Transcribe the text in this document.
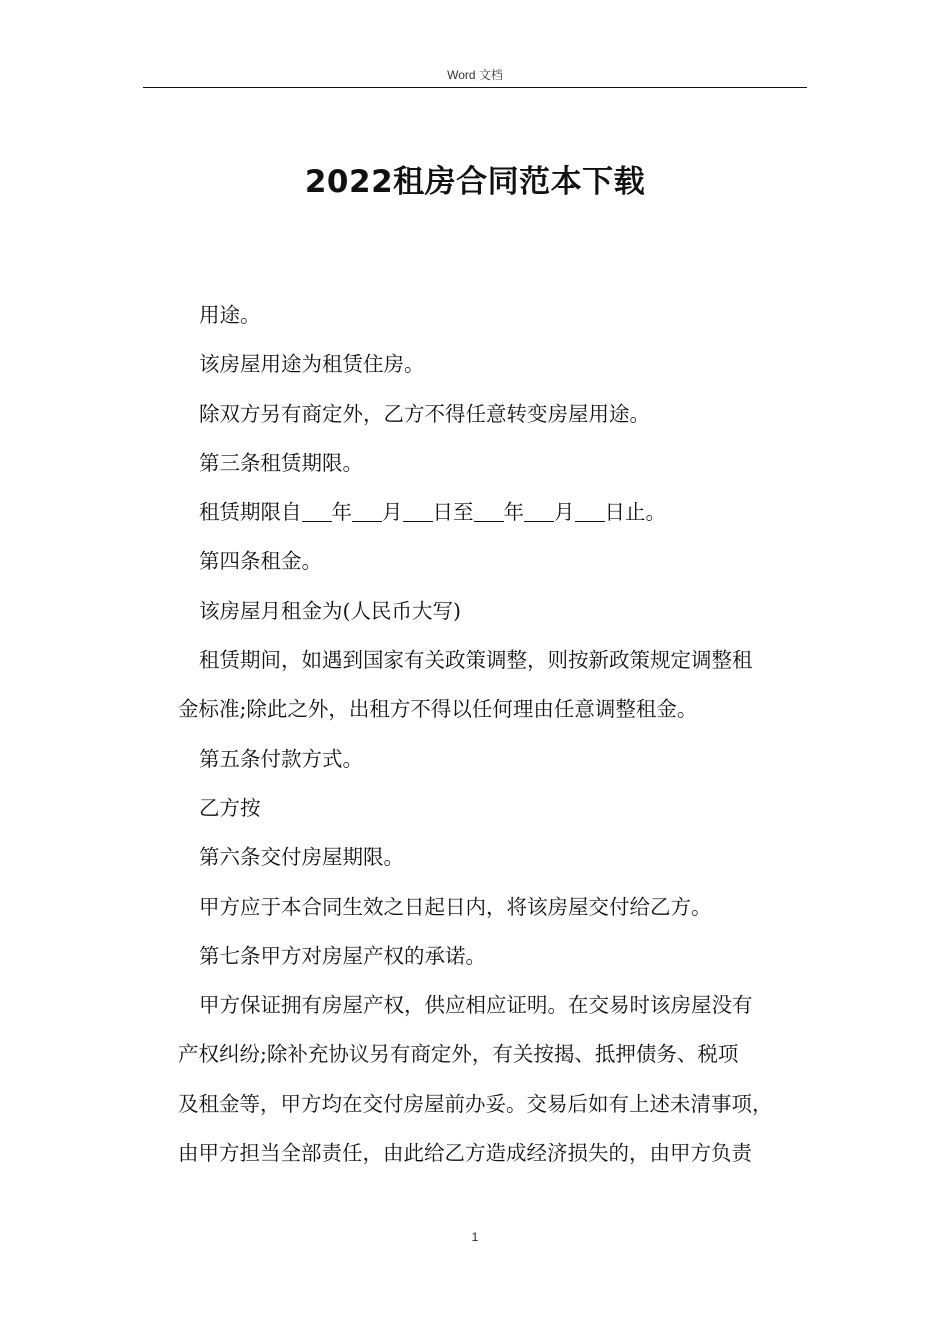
Word 文档
2022租房合同范本下载
用途。
该房屋用途为租赁住房。
除双方另有商定外，乙方不得任意转变房屋用途。
第三条租赁期限。
租赁期限自 年 月 日至 年 月 日止。
第四条租金。
该房屋月租金为(人民币大写)
租赁期间，如遇到国家有关政策调整，则按新政策规定调整租
金标准;除此之外，出租方不得以任何理由任意调整租金。
第五条付款方式。
乙方按
第六条交付房屋期限。
甲方应于本合同生效之日起日内，将该房屋交付给乙方。
第七条甲方对房屋产权的承诺。
甲方保证拥有房屋产权，供应相应证明。在交易时该房屋没有
产权纠纷;除补充协议另有商定外，有关按揭、抵押债务、税项
及租金等，甲方均在交付房屋前办妥。交易后如有上述未清事项，
由甲方担当全部责任，由此给乙方造成经济损失的，由甲方负责
1
